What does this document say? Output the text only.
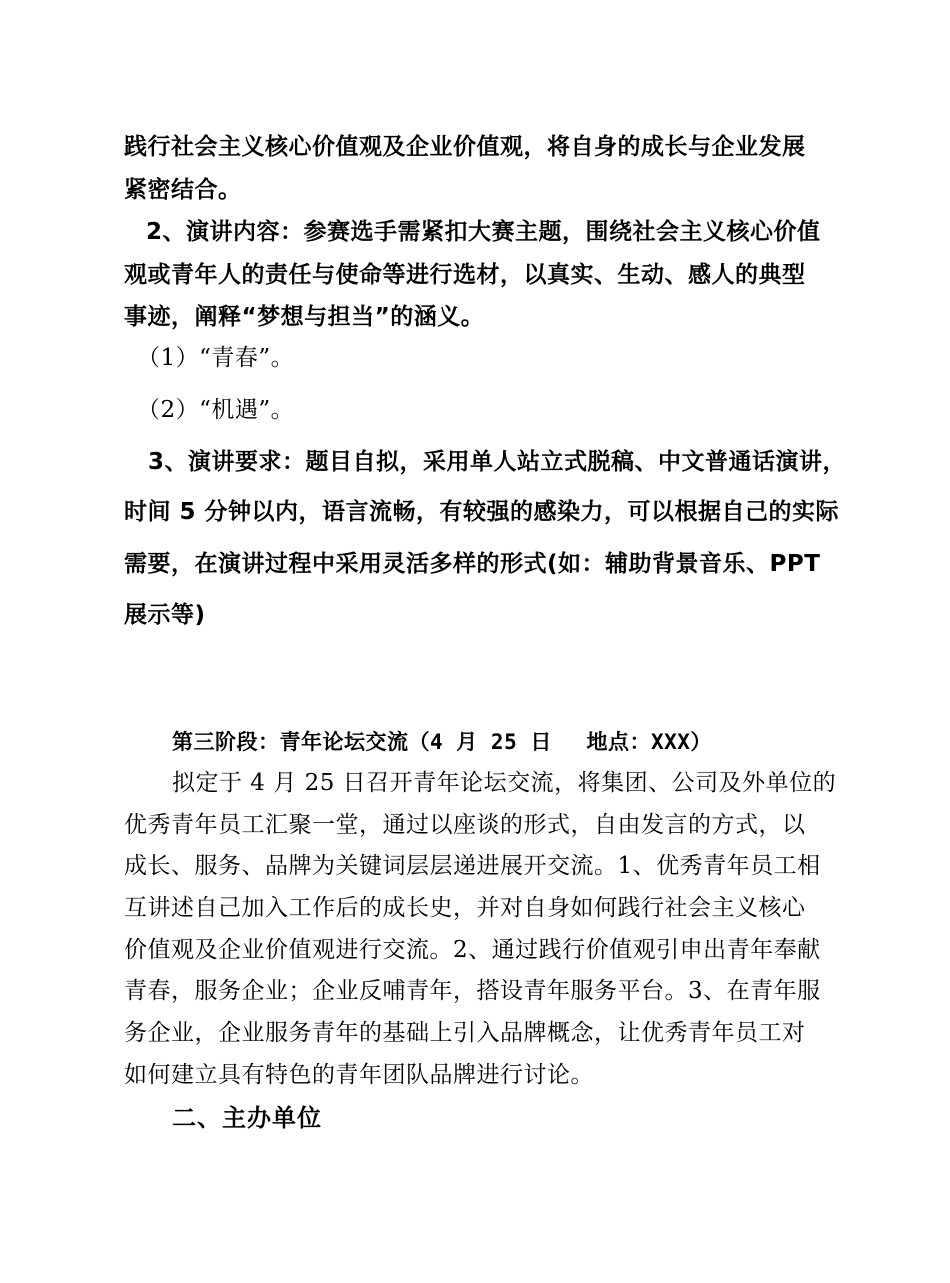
践行社会主义核心价值观及企业价值观，将自身的成长与企业发展

紧密结合。

2、演讲内容：参赛选手需紧扣大赛主题，围绕社会主义核心价值

观或青年人的责任与使命等进行选材，以真实、生动、感人的典型

事迹，阐释“梦想与担当”的涵义。

（1）“青春”。

（2）“机遇”。

3、演讲要求：题目自拟，采用单人站立式脱稿、中文普通话演讲，

时间 5 分钟以内，语言流畅，有较强的感染力，可以根据自己的实际

需要，在演讲过程中采用灵活多样的形式(如：辅助背景音乐、PPT

展示等)

第三阶段：青年论坛交流（4 月 25 日　 地点：XXX）

拟定于 4 月 25 日召开青年论坛交流，将集团、公司及外单位的

优秀青年员工汇聚一堂，通过以座谈的形式，自由发言的方式，以

成长、服务、品牌为关键词层层递进展开交流。1、优秀青年员工相

互讲述自己加入工作后的成长史，并对自身如何践行社会主义核心

价值观及企业价值观进行交流。2、通过践行价值观引申出青年奉献

青春，服务企业；企业反哺青年，搭设青年服务平台。3、在青年服

务企业，企业服务青年的基础上引入品牌概念，让优秀青年员工对

如何建立具有特色的青年团队品牌进行讨论。

二、主办单位
